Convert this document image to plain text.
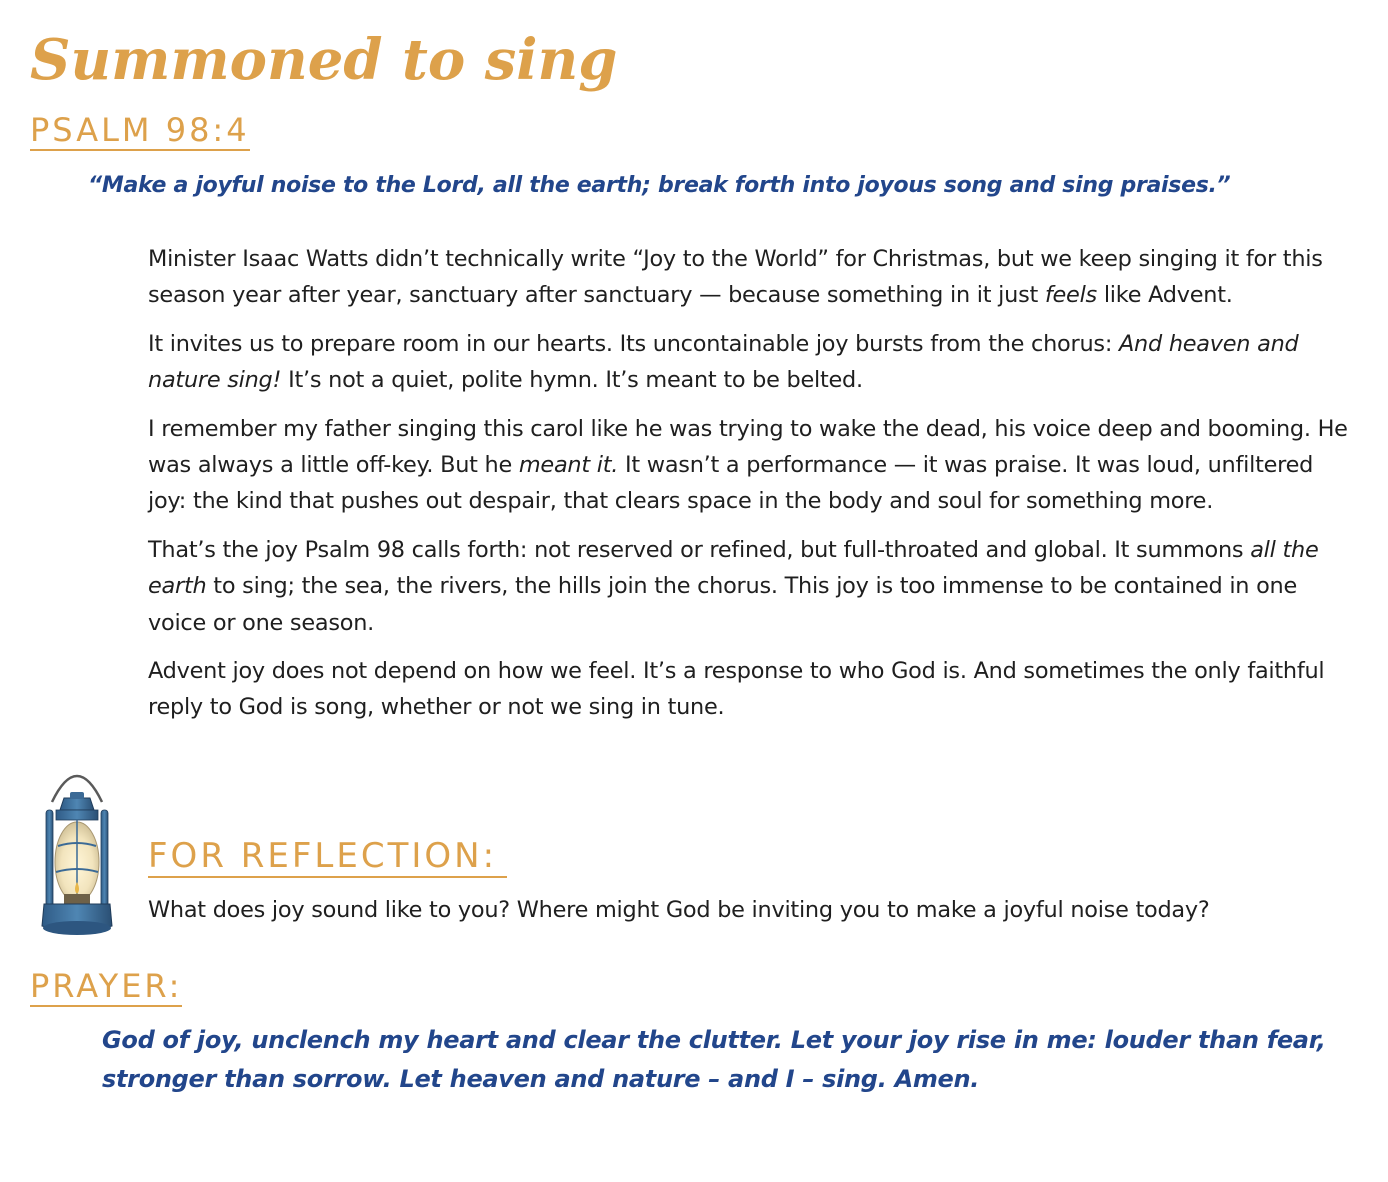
Summoned to sing
PSALM 98:4

“Make a joyful noise to the Lord, all the earth; break forth into joyous song and sing praises.”

Minister Isaac Watts didn’t technically write “Joy to the World” for Christmas, but we keep singing it for this season year after year, sanctuary after sanctuary — because something in it just feels like Advent.

It invites us to prepare room in our hearts. Its uncontainable joy bursts from the chorus: And heaven and nature sing! It’s not a quiet, polite hymn. It’s meant to be belted.

I remember my father singing this carol like he was trying to wake the dead, his voice deep and booming. He was always a little off-key. But he meant it. It wasn’t a performance — it was praise. It was loud, unfiltered joy: the kind that pushes out despair, that clears space in the body and soul for something more.

That’s the joy Psalm 98 calls forth: not reserved or refined, but full-throated and global. It summons all the earth to sing; the sea, the rivers, the hills join the chorus. This joy is too immense to be contained in one voice or one season.

Advent joy does not depend on how we feel. It’s a response to who God is. And sometimes the only faithful reply to God is song, whether or not we sing in tune.

FOR REFLECTION:

What does joy sound like to you? Where might God be inviting you to make a joyful noise today?

PRAYER:

God of joy, unclench my heart and clear the clutter. Let your joy rise in me: louder than fear, stronger than sorrow. Let heaven and nature – and I – sing. Amen.
